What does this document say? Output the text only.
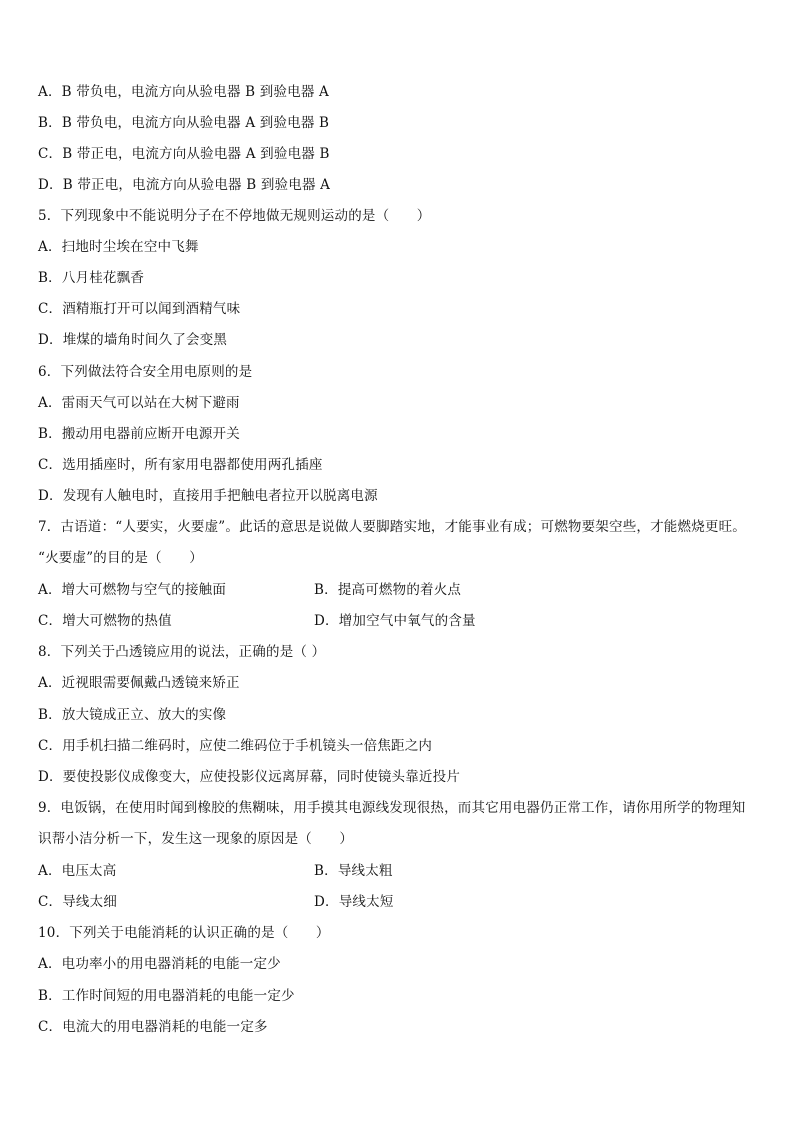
A．B 带负电，电流方向从验电器 B 到验电器 A
B．B 带负电，电流方向从验电器 A 到验电器 B
C．B 带正电，电流方向从验电器 A 到验电器 B
D．B 带正电，电流方向从验电器 B 到验电器 A
5．下列现象中不能说明分子在不停地做无规则运动的是（　　）
A．扫地时尘埃在空中飞舞
B．八月桂花飘香
C．酒精瓶打开可以闻到酒精气味
D．堆煤的墙角时间久了会变黑
6．下列做法符合安全用电原则的是
A．雷雨天气可以站在大树下避雨
B．搬动用电器前应断开电源开关
C．选用插座时，所有家用电器都使用两孔插座
D．发现有人触电时，直接用手把触电者拉开以脱离电源
7．古语道：“人要实，火要虚”。此话的意思是说做人要脚踏实地，才能事业有成；可燃物要架空些，才能燃烧更旺。
“火要虚”的目的是（　　）
A．增大可燃物与空气的接触面	B．提高可燃物的着火点
C．增大可燃物的热值	D．增加空气中氧气的含量
8．下列关于凸透镜应用的说法，正确的是（ ）
A．近视眼需要佩戴凸透镜来矫正
B．放大镜成正立、放大的实像
C．用手机扫描二维码时，应使二维码位于手机镜头一倍焦距之内
D．要使投影仪成像变大，应使投影仪远离屏幕，同时使镜头靠近投片
9．电饭锅，在使用时闻到橡胶的焦糊味，用手摸其电源线发现很热，而其它用电器仍正常工作，请你用所学的物理知
识帮小洁分析一下，发生这一现象的原因是（　　）
A．电压太高	B．导线太粗
C．导线太细	D．导线太短
10．下列关于电能消耗的认识正确的是（　　）
A．电功率小的用电器消耗的电能一定少
B．工作时间短的用电器消耗的电能一定少
C．电流大的用电器消耗的电能一定多
